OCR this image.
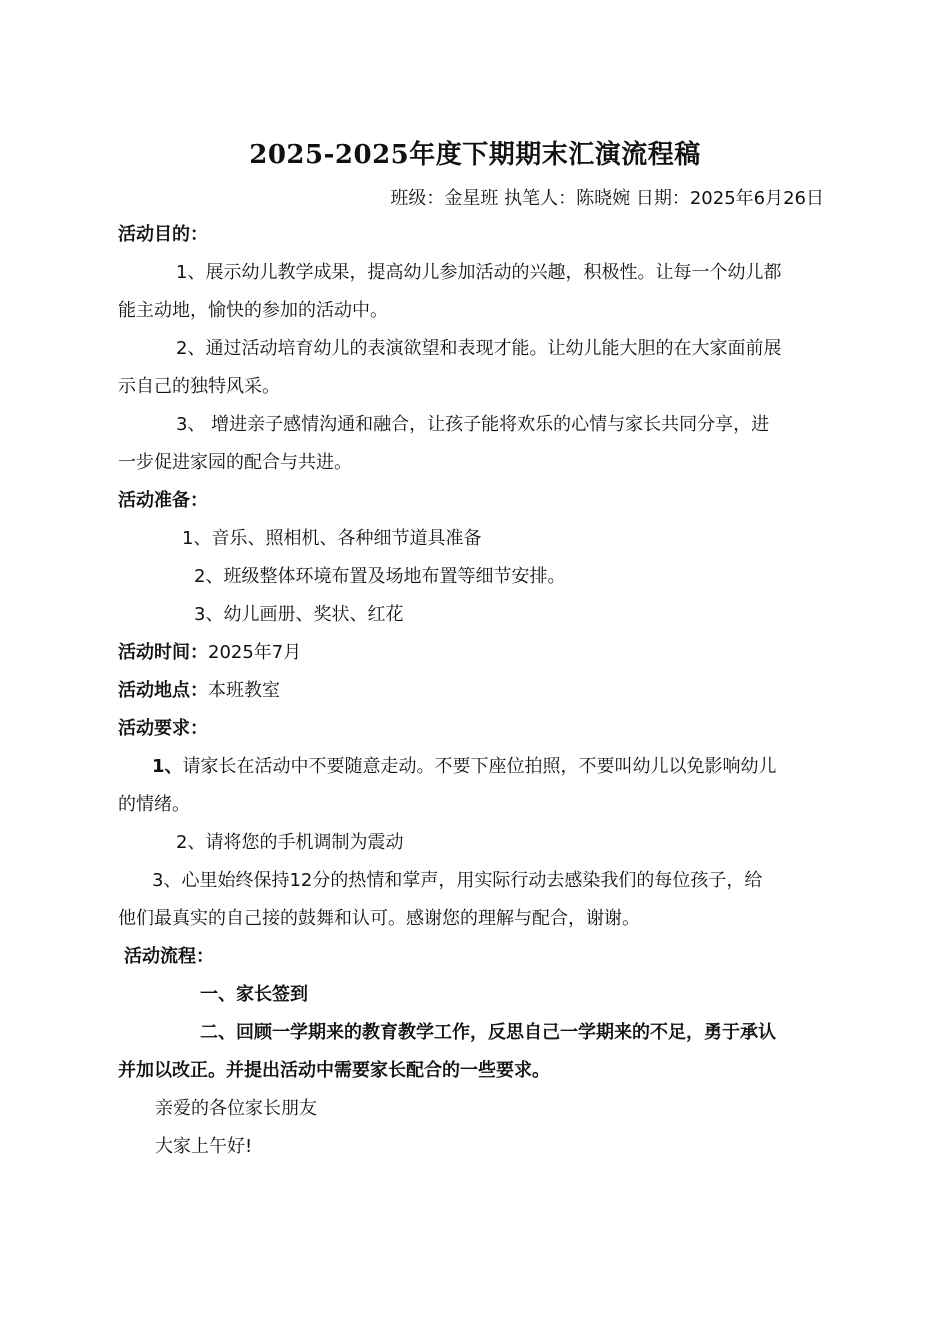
2025-2025年度下期期末汇演流程稿
班级：金星班 执笔人：陈晓婉 日期：2025年6月26日
活动目的：
1、展示幼儿教学成果，提高幼儿参加活动的兴趣，积极性。让每一个幼儿都
能主动地，愉快的参加的活动中。
2、通过活动培育幼儿的表演欲望和表现才能。让幼儿能大胆的在大家面前展
示自己的独特风采。
3、 增进亲子感情沟通和融合，让孩子能将欢乐的心情与家长共同分享，进
一步促进家园的配合与共进。
活动准备：
1、音乐、照相机、各种细节道具准备
2、班级整体环境布置及场地布置等细节安排。
3、幼儿画册、奖状、红花
活动时间：2025年7月
活动地点：本班教室
活动要求：
1、请家长在活动中不要随意走动。不要下座位拍照，不要叫幼儿以免影响幼儿
的情绪。
2、请将您的手机调制为震动
3、心里始终保持12分的热情和掌声，用实际行动去感染我们的每位孩子，给
他们最真实的自己接的鼓舞和认可。感谢您的理解与配合，谢谢。
活动流程：
一、家长签到
二、回顾一学期来的教育教学工作，反思自己一学期来的不足，勇于承认
并加以改正。并提出活动中需要家长配合的一些要求。
亲爱的各位家长朋友
大家上午好!
